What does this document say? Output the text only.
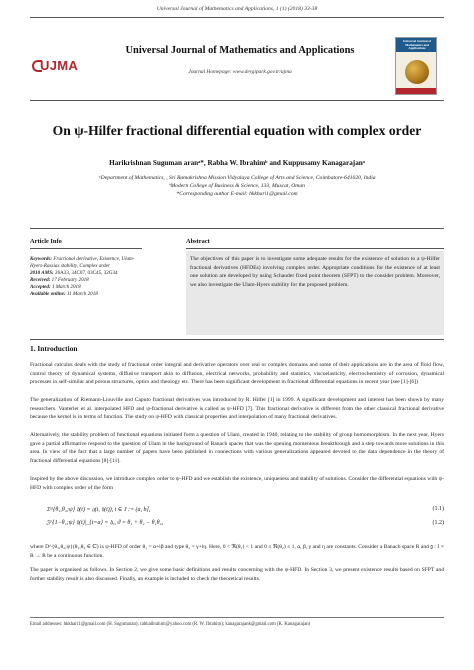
Universal Journal of Mathematics and Applications, 1 (1) (2018) 33-38
UJMA
Universal Journal of Mathematics and Applications
Journal Homepage: www.dergipark.gov.tr/ujma
Universal Journal of Mathematics and Applications
On ψ-Hilfer fractional differential equation with complex order
Harikrishnan Suguman aranᵃ*, Rabha W. Ibrahimᵇ and Kuppusamy Kanagarajanᵃ
ᵃDepartment of Mathematics, , Sri Ramakrishna Mission Vidyalaya College of Arts and Science, Coimbatore-641020, India
ᵇModern College of Business & Science, 133, Muscat, Oman
*Corresponding author E-mail: hkkhari1@gmail.com
Article Info	Abstract
Keywords: Fractional derivative, Existence, Ulam-Hyers-Rassias stability, Complex order
2010 AMS: 26A33, 34C07, 03C45, 32G34
Received: 17 February 2018
Accepted: 1 March 2018
Available online: 11 March 2018
The objectives of this paper is to investigate some adequate results for the existence of solution to a ψ-Hilfer fractional derivatives (HFDEs) involving complex order. Appropriate conditions for the existence of at least one solution are developed by using Schauder fixed point theorem (SFPT) to the consider problem. Moreover, we also investigate the Ulam-Hyers stability for the proposed problem.
1. Introduction
Fractional calculus deals with the study of fractional order integral and derivative operators over real or complex domains and some of their applications are in the area of fluid flow, control theory of dynamical systems, diffusive transport akin to diffusion, electrical networks, probability and statistics, viscoelasticity, electrochemistry of corrosion, dynamical processes in self-similar and porous structures, optics and rheology etc. There has been significant development in fractional differential equations in recent year (see [1]-[6])
The generalization of Riemann-Liouville and Caputo fractional derivatives was introduced by R. Hilfer [1] in 1999. A significant development and interest has been shown by many researchers. Vanterler et al. interpolated HFD and ψ-fractional derivative is called as ψ-HFD [7]. This fractional derivative is different from the other classical fractional derivative because the kernel is in terms of function. The study on ψ-HFD with classical properties and interpolation of many fractional derivatives.
Alternatively, the stability problem of functional equations initiated form a question of Ulam, created in 1940, relating to the stability of group homomorphism. In the next year, Hyers gave a partial affirmative respond to the question of Ulam in the background of Banach spaces that was the opening momentous breakthrough and a step towards more solutions in this area. In view of the fact that a large number of papers have been published in connections with various generalizations appeared devoted to the data dependence in the theory of fractional differential equations [8]-[11].
Inspired by the above discussion, we introduce complex order to ψ-HFD and we establish the existence, uniqueness and stability of solutions. Consider the differential equations with ψ-HFD with complex order of the form
𝔇^{θ₁,θ₂;ψ} 𝔥(t) = 𝔤(t, 𝔥(t)), t ∈ J := (a, b],	(1.1)
𝔍^{1−θ₁;ψ} 𝔥(t)|_{t=a} = 𝔥ₐ, ϑ = θ₁ + θ₂ − θ₁θ₂,	(1.2)
where D^{θ₁,θ₂;ψ}(θ₁,θ₂ ∈ ℂ) is ψ-HFD of order θ₁ = α+iβ and type θ₂ = γ+iη. Here, 0 < ℜ(θ₁) < 1 and 0 ≤ ℜ(θ₂) ≤ 1, α, β, γ and η are constants. Consider a Banach space R and 𝔤 : J × R → R be a continuous function.
The paper is organised as follows. In Section 2, we give some basic definitions and results concerning with the ψ-HFD. In Section 3, we present existence results based on SFPT and further stability result is also discussed. Finally, an example is included to check the theoretical results.
Email addresses: hkkhari1@gmail.com (H. Sugumaran); rabhaibrahim@yahoo.com (R. W. Ibrahim); kanagarajank@gmail.com (K. Kanagarajan)
